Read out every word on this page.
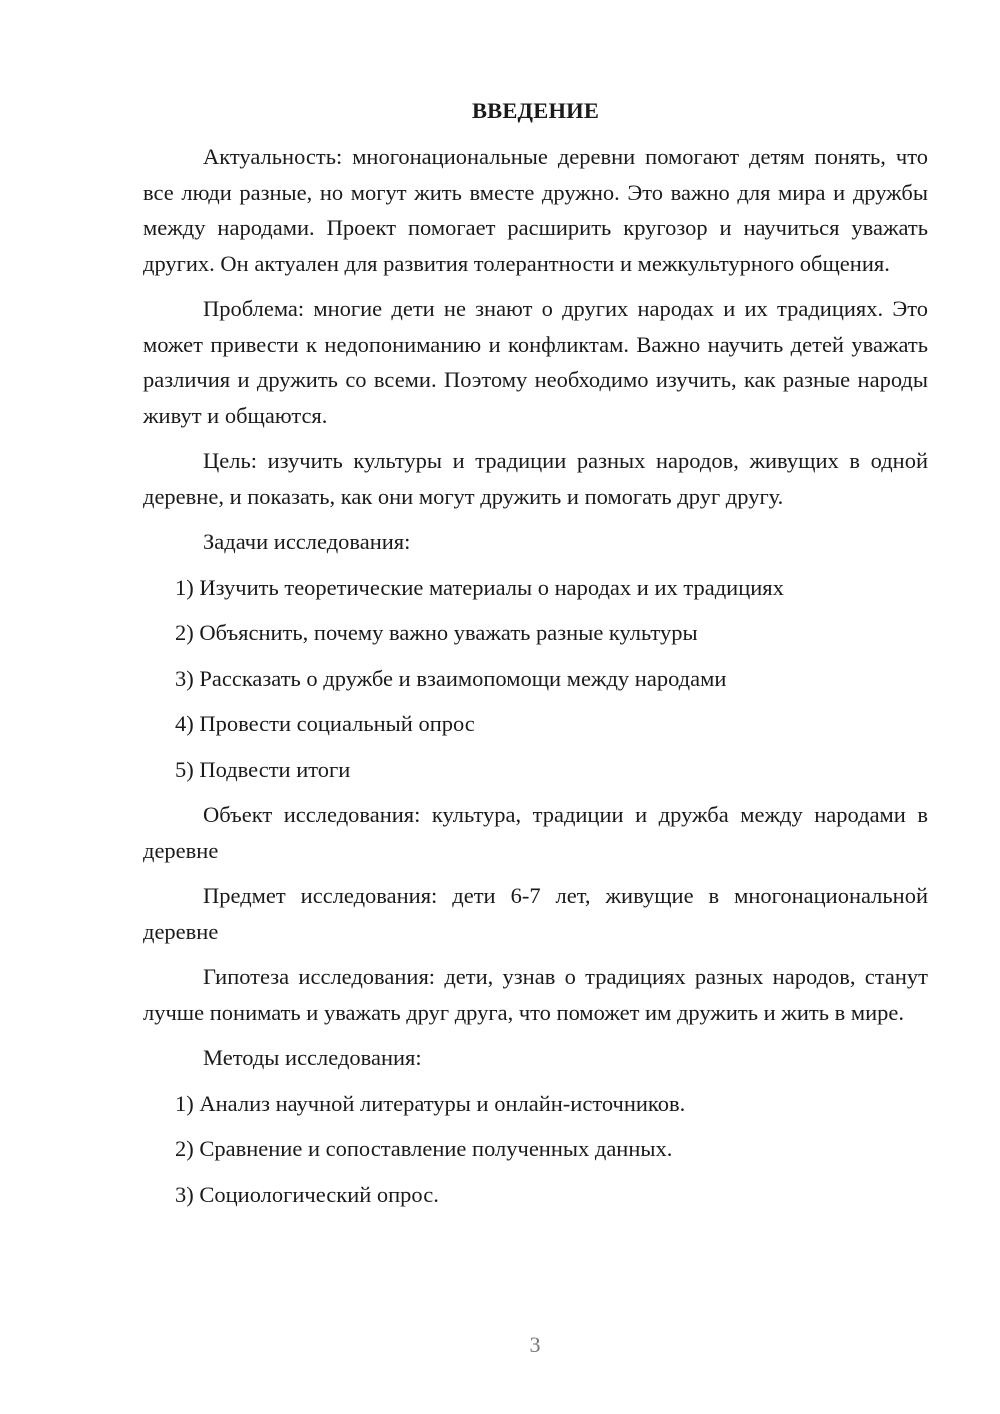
ВВЕДЕНИЕ

Актуальность: многонациональные деревни помогают детям понять, что все люди разные, но могут жить вместе дружно. Это важно для мира и дружбы между народами. Проект помогает расширить кругозор и научиться уважать других. Он актуален для развития толерантности и межкультурного общения.

Проблема: многие дети не знают о других народах и их традициях. Это может привести к недопониманию и конфликтам. Важно научить детей уважать различия и дружить со всеми. Поэтому необходимо изучить, как разные народы живут и общаются.

Цель: изучить культуры и традиции разных народов, живущих в одной деревне, и показать, как они могут дружить и помогать друг другу.

Задачи исследования:

1) Изучить теоретические материалы о народах и их традициях
2) Объяснить, почему важно уважать разные культуры
3) Рассказать о дружбе и взаимопомощи между народами
4) Провести социальный опрос
5) Подвести итоги

Объект исследования: культура, традиции и дружба между народами в деревне

Предмет исследования: дети 6-7 лет, живущие в многонациональной деревне

Гипотеза исследования: дети, узнав о традициях разных народов, станут лучше понимать и уважать друг друга, что поможет им дружить и жить в мире.

Методы исследования:

1) Анализ научной литературы и онлайн-источников.
2) Сравнение и сопоставление полученных данных.
3) Социологический опрос.
3
